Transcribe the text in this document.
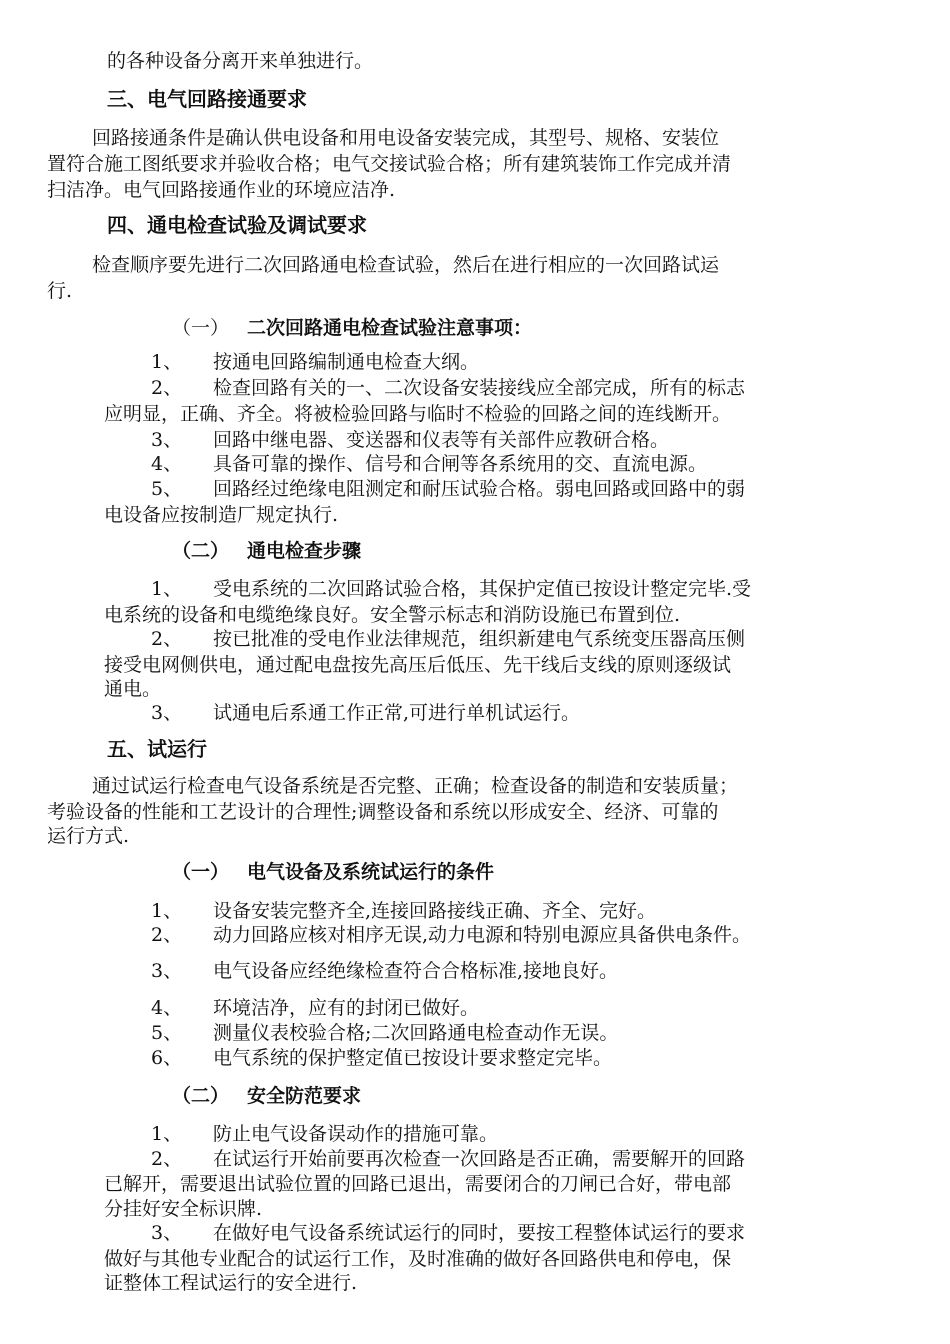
的各种设备分离开来单独进行。
三、电气回路接通要求
回路接通条件是确认供电设备和用电设备安装完成，其型号、规格、安装位
置符合施工图纸要求并验收合格；电气交接试验合格；所有建筑装饰工作完成并清
扫洁净。电气回路接通作业的环境应洁净.
四、通电检查试验及调试要求
检查顺序要先进行二次回路通电检查试验，然后在进行相应的一次回路试运
行.
（一） 二次回路通电检查试验注意事项：
1、 按通电回路编制通电检查大纲。
2、 检查回路有关的一、二次设备安装接线应全部完成，所有的标志
应明显，正确、齐全。将被检验回路与临时不检验的回路之间的连线断开。
3、 回路中继电器、变送器和仪表等有关部件应教研合格。
4、 具备可靠的操作、信号和合闸等各系统用的交、直流电源。
5、 回路经过绝缘电阻测定和耐压试验合格。弱电回路或回路中的弱
电设备应按制造厂规定执行.
（二） 通电检查步骤
1、 受电系统的二次回路试验合格，其保护定值已按设计整定完毕.受
电系统的设备和电缆绝缘良好。安全警示标志和消防设施已布置到位.
2、 按已批准的受电作业法律规范，组织新建电气系统变压器高压侧
接受电网侧供电，通过配电盘按先高压后低压、先干线后支线的原则逐级试
通电。
3、 试通电后系通工作正常,可进行单机试运行。
五、试运行
通过试运行检查电气设备系统是否完整、正确；检查设备的制造和安装质量；
考验设备的性能和工艺设计的合理性;调整设备和系统以形成安全、经济、可靠的
运行方式.
（一） 电气设备及系统试运行的条件
1、 设备安装完整齐全,连接回路接线正确、齐全、完好。
2、 动力回路应核对相序无误,动力电源和特别电源应具备供电条件。
3、 电气设备应经绝缘检查符合合格标准,接地良好。
4、 环境洁净，应有的封闭已做好。
5、 测量仪表校验合格;二次回路通电检查动作无误。
6、 电气系统的保护整定值已按设计要求整定完毕。
（二） 安全防范要求
1、 防止电气设备误动作的措施可靠。
2、 在试运行开始前要再次检查一次回路是否正确，需要解开的回路
已解开，需要退出试验位置的回路已退出，需要闭合的刀闸已合好，带电部
分挂好安全标识牌.
3、 在做好电气设备系统试运行的同时，要按工程整体试运行的要求
做好与其他专业配合的试运行工作，及时准确的做好各回路供电和停电，保
证整体工程试运行的安全进行.
